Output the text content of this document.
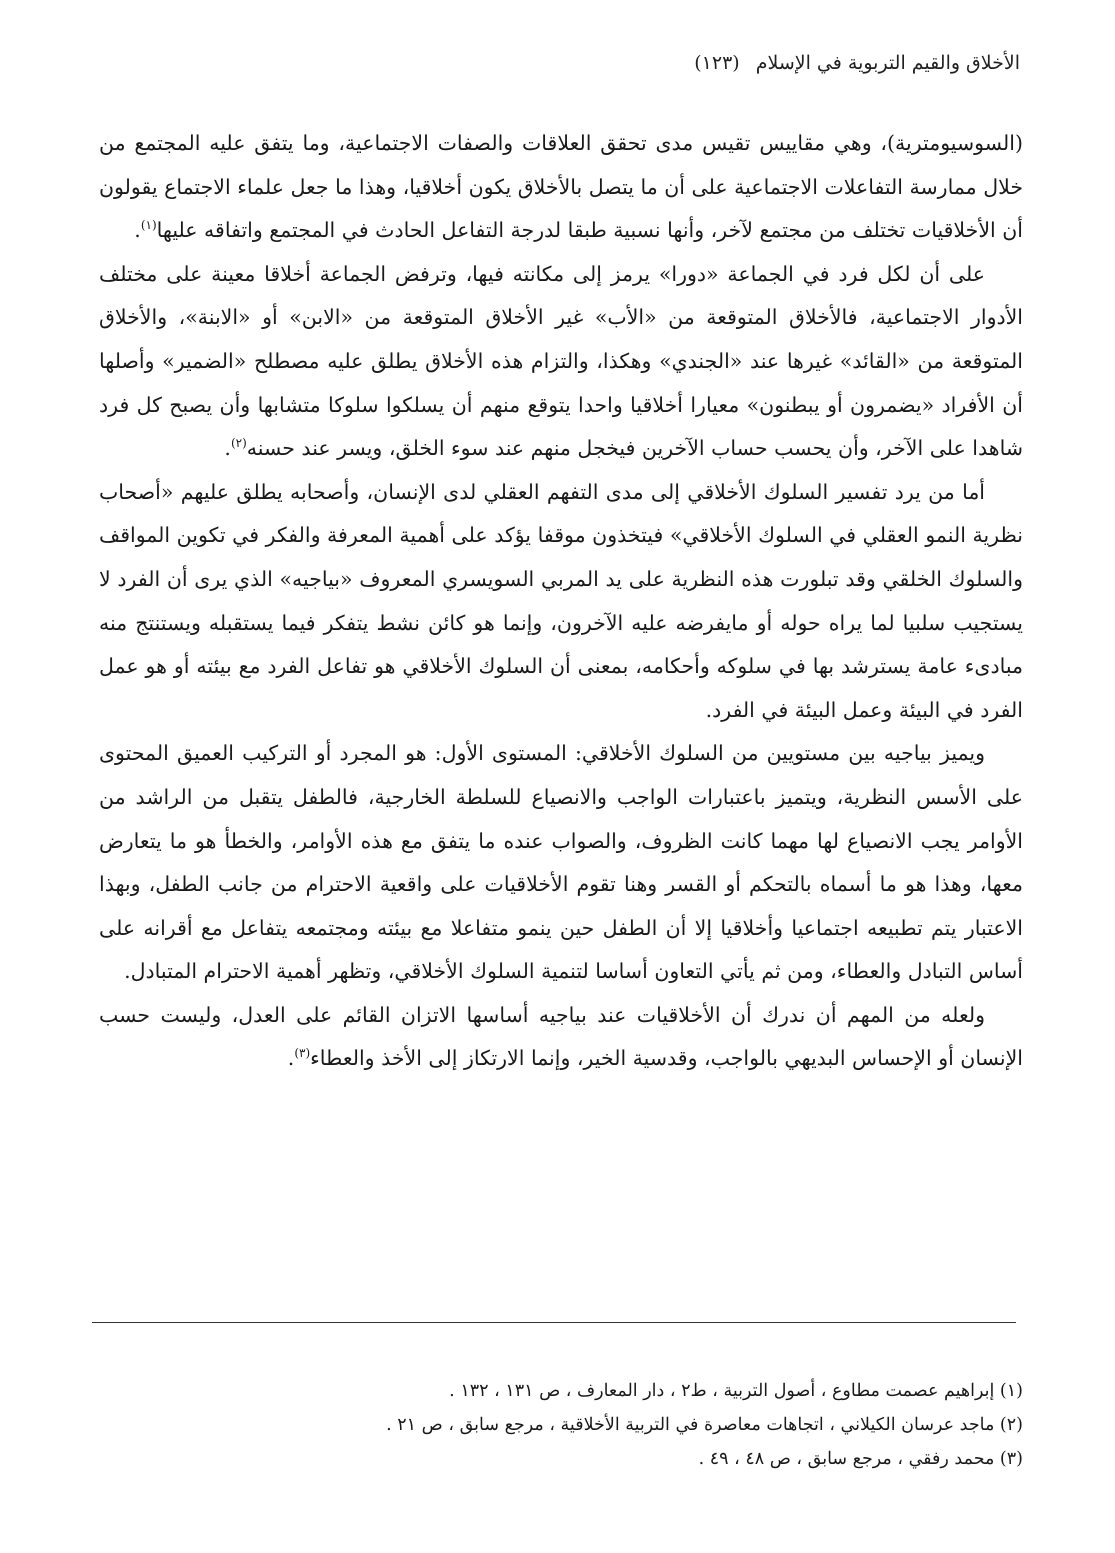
الأخلاق والقيم التربوية في الإسلام (١٢٣)

(السوسيومترية)، وهي مقاييس تقيس مدى تحقق العلاقات والصفات الاجتماعية، وما يتفق عليه المجتمع من خلال ممارسة التفاعلات الاجتماعية على أن ما يتصل بالأخلاق يكون أخلاقيا، وهذا ما جعل علماء الاجتماع يقولون أن الأخلاقيات تختلف من مجتمع لآخر، وأنها نسبية طبقا لدرجة التفاعل الحادث في المجتمع واتفاقه عليها$^{(١)}$.

على أن لكل فرد في الجماعة «دورا» يرمز إلى مكانته فيها، وترفض الجماعة أخلاقا معينة على مختلف الأدوار الاجتماعية، فالأخلاق المتوقعة من «الأب» غير الأخلاق المتوقعة من «الابن» أو «الابنة»، والأخلاق المتوقعة من «القائد» غيرها عند «الجندي» وهكذا، والتزام هذه الأخلاق يطلق عليه مصطلح «الضمير» وأصلها أن الأفراد «يضمرون أو يبطنون» معيارا أخلاقيا واحدا يتوقع منهم أن يسلكوا سلوكا متشابها وأن يصبح كل فرد شاهدا على الآخر، وأن يحسب حساب الآخرين فيخجل منهم عند سوء الخلق، ويسر عند حسنه$^{(٢)}$.

أما من يرد تفسير السلوك الأخلاقي إلى مدى التفهم العقلي لدى الإنسان، وأصحابه يطلق عليهم «أصحاب نظرية النمو العقلي في السلوك الأخلاقي» فيتخذون موقفا يؤكد على أهمية المعرفة والفكر في تكوين المواقف والسلوك الخلقي وقد تبلورت هذه النظرية على يد المربي السويسري المعروف «بياجيه» الذي يرى أن الفرد لا يستجيب سلبيا لما يراه حوله أو مايفرضه عليه الآخرون، وإنما هو كائن نشط يتفكر فيما يستقبله ويستنتج منه مبادىء عامة يسترشد بها في سلوكه وأحكامه، بمعنى أن السلوك الأخلاقي هو تفاعل الفرد مع بيئته أو هو عمل الفرد في البيئة وعمل البيئة في الفرد.

ويميز بياجيه بين مستويين من السلوك الأخلاقي: المستوى الأول: هو المجرد أو التركيب العميق المحتوى على الأسس النظرية، ويتميز باعتبارات الواجب والانصياع للسلطة الخارجية، فالطفل يتقبل من الراشد من الأوامر يجب الانصياع لها مهما كانت الظروف، والصواب عنده ما يتفق مع هذه الأوامر، والخطأ هو ما يتعارض معها، وهذا هو ما أسماه بالتحكم أو القسر وهنا تقوم الأخلاقيات على واقعية الاحترام من جانب الطفل، وبهذا الاعتبار يتم تطبيعه اجتماعيا وأخلاقيا إلا أن الطفل حين ينمو متفاعلا مع بيئته ومجتمعه يتفاعل مع أقرانه على أساس التبادل والعطاء، ومن ثم يأتي التعاون أساسا لتنمية السلوك الأخلاقي، وتظهر أهمية الاحترام المتبادل.

ولعله من المهم أن ندرك أن الأخلاقيات عند بياجيه أساسها الاتزان القائم على العدل، وليست حسب الإنسان أو الإحساس البديهي بالواجب، وقدسية الخير، وإنما الارتكاز إلى الأخذ والعطاء$^{(٣)}$.

(١) إبراهيم عصمت مطاوع ، أصول التربية ، ط٢ ، دار المعارف ، ص ١٣١ ، ١٣٢ .
(٢) ماجد عرسان الكيلاني ، اتجاهات معاصرة في التربية الأخلاقية ، مرجع سابق ، ص ٢١ .
(٣) محمد رفقي ، مرجع سابق ، ص ٤٨ ، ٤٩ .
